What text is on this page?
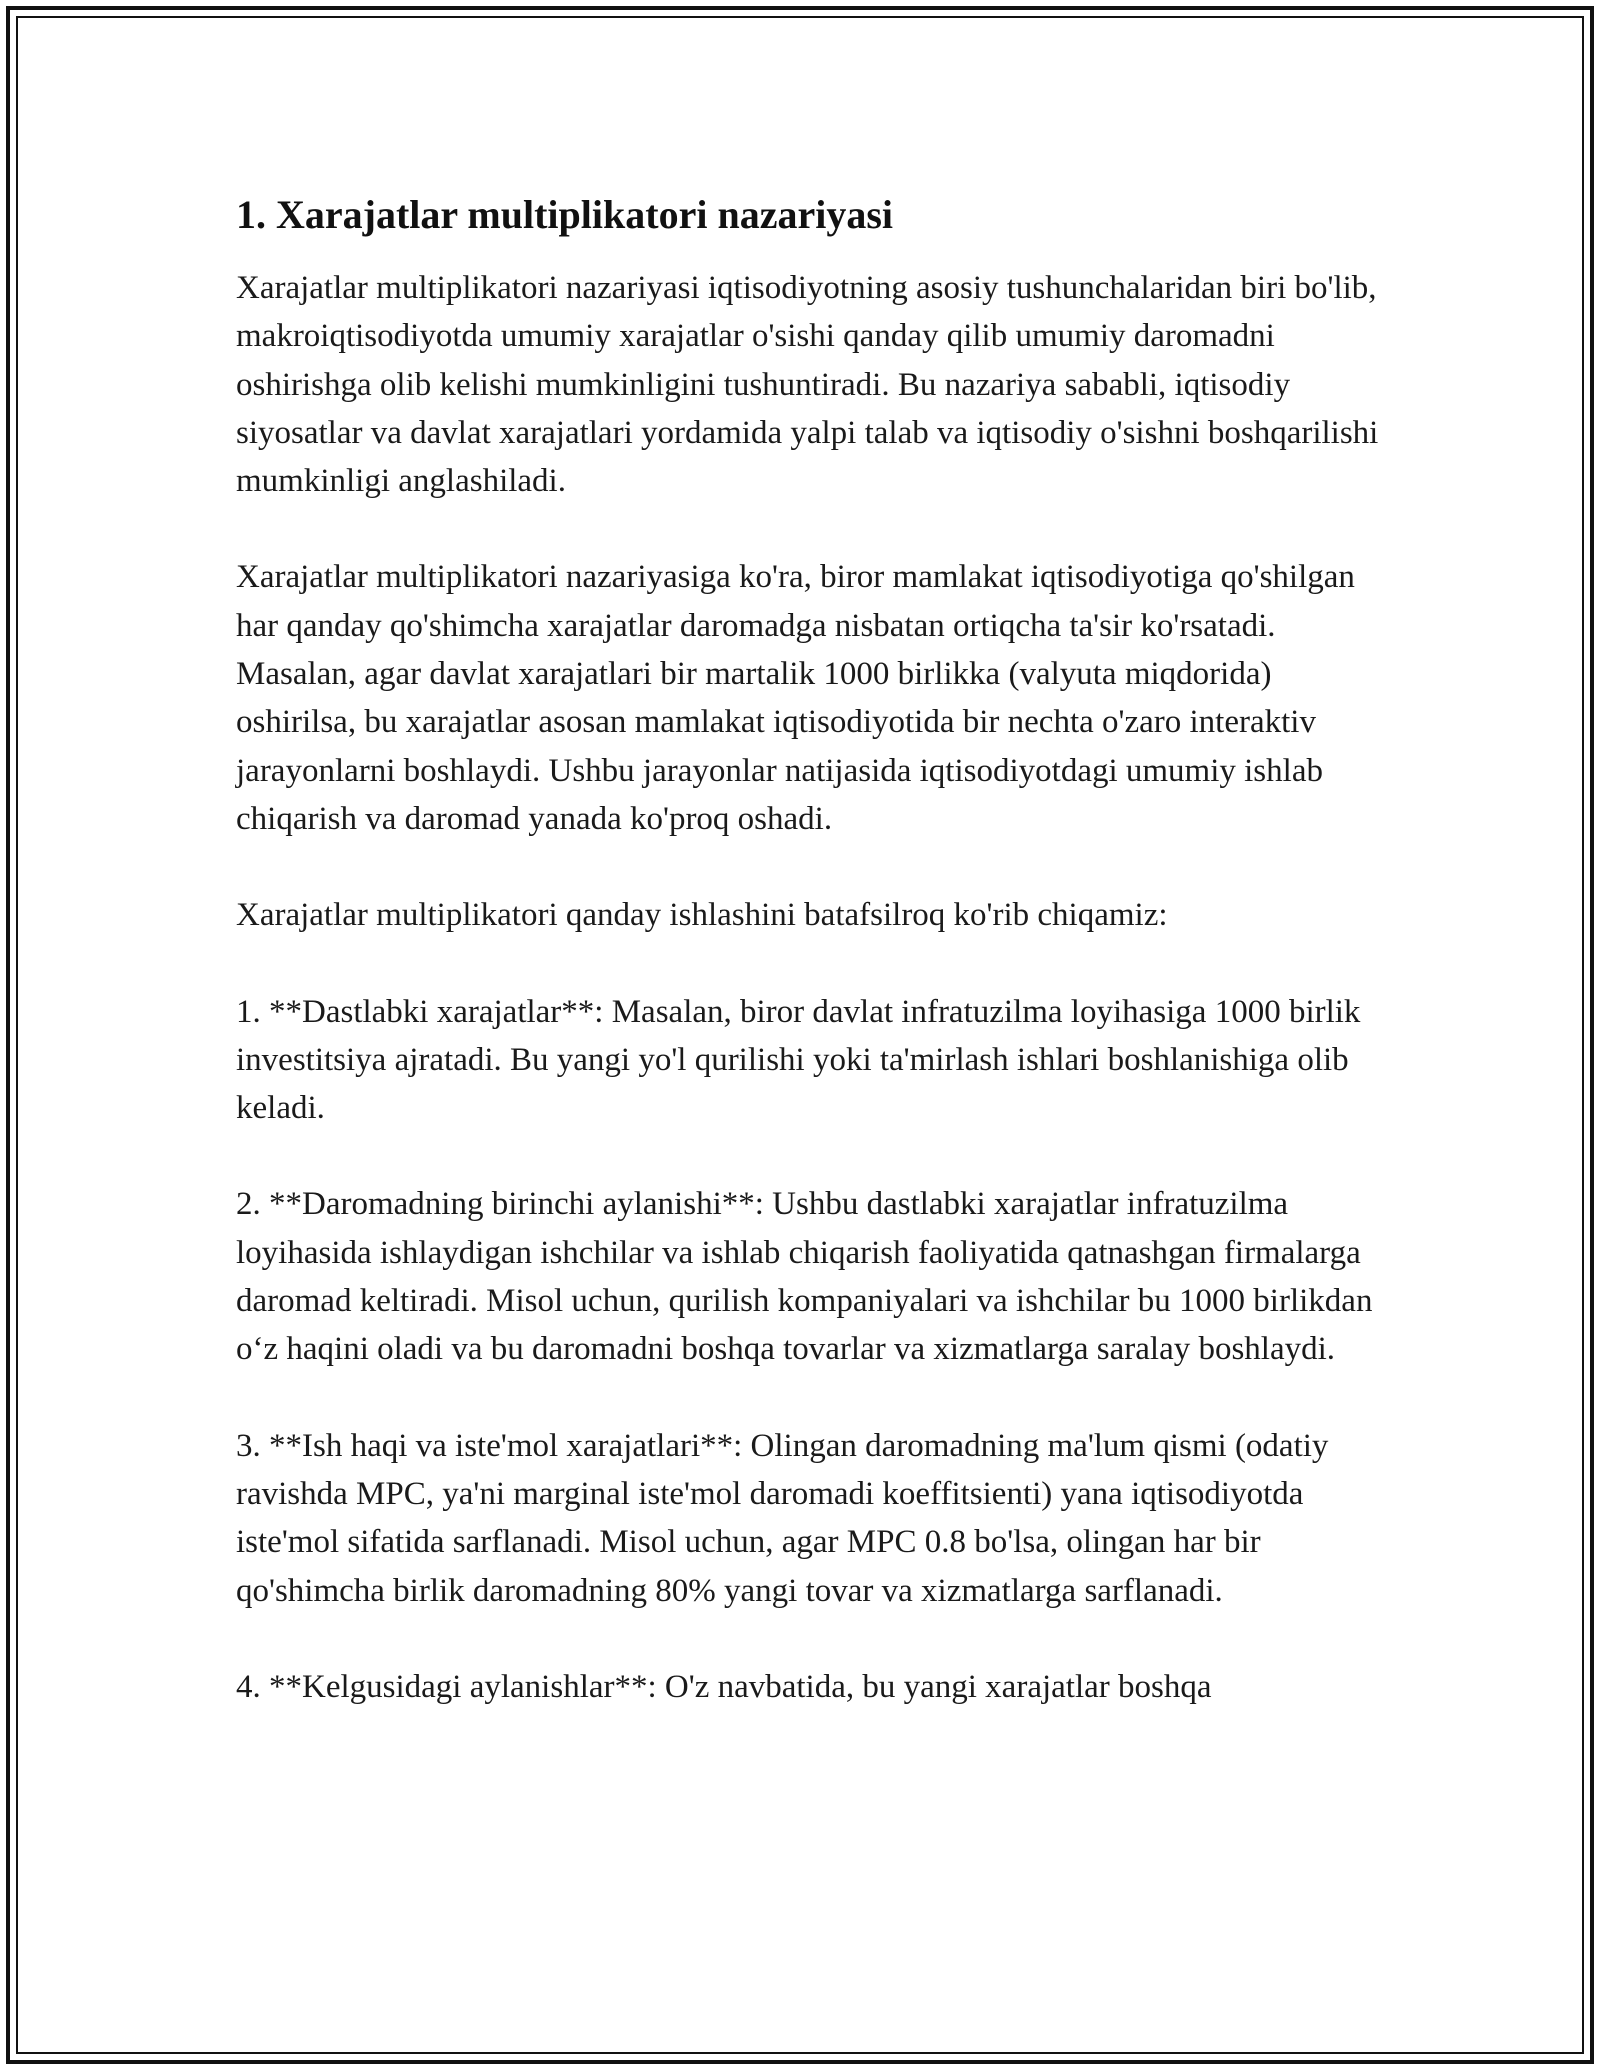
1. Xarajatlar multiplikatori nazariyasi

Xarajatlar multiplikatori nazariyasi iqtisodiyotning asosiy tushunchalaridan biri bo'lib, makroiqtisodiyotda umumiy xarajatlar o'sishi qanday qilib umumiy daromadni oshirishga olib kelishi mumkinligini tushuntiradi. Bu nazariya sababli, iqtisodiy siyosatlar va davlat xarajatlari yordamida yalpi talab va iqtisodiy o'sishni boshqarilishi mumkinligi anglashiladi.

Xarajatlar multiplikatori nazariyasiga ko'ra, biror mamlakat iqtisodiyotiga qo'shilgan har qanday qo'shimcha xarajatlar daromadga nisbatan ortiqcha ta'sir ko'rsatadi. Masalan, agar davlat xarajatlari bir martalik 1000 birlikka (valyuta miqdorida) oshirilsa, bu xarajatlar asosan mamlakat iqtisodiyotida bir nechta o'zaro interaktiv jarayonlarni boshlaydi. Ushbu jarayonlar natijasida iqtisodiyotdagi umumiy ishlab chiqarish va daromad yanada ko'proq oshadi.

Xarajatlar multiplikatori qanday ishlashini batafsilroq ko'rib chiqamiz:

1. **Dastlabki xarajatlar**: Masalan, biror davlat infratuzilma loyihasiga 1000 birlik investitsiya ajratadi. Bu yangi yo'l qurilishi yoki ta'mirlash ishlari boshlanishiga olib keladi.

2. **Daromadning birinchi aylanishi**: Ushbu dastlabki xarajatlar infratuzilma loyihasida ishlaydigan ishchilar va ishlab chiqarish faoliyatida qatnashgan firmalarga daromad keltiradi. Misol uchun, qurilish kompaniyalari va ishchilar bu 1000 birlikdan o‘z haqini oladi va bu daromadni boshqa tovarlar va xizmatlarga saralay boshlaydi.

3. **Ish haqi va iste'mol xarajatlari**: Olingan daromadning ma'lum qismi (odatiy ravishda MPC, ya'ni marginal iste'mol daromadi koeffitsienti) yana iqtisodiyotda iste'mol sifatida sarflanadi. Misol uchun, agar MPC 0.8 bo'lsa, olingan har bir qo'shimcha birlik daromadning 80% yangi tovar va xizmatlarga sarflanadi.

4. **Kelgusidagi aylanishlar**: O'z navbatida, bu yangi xarajatlar boshqa
